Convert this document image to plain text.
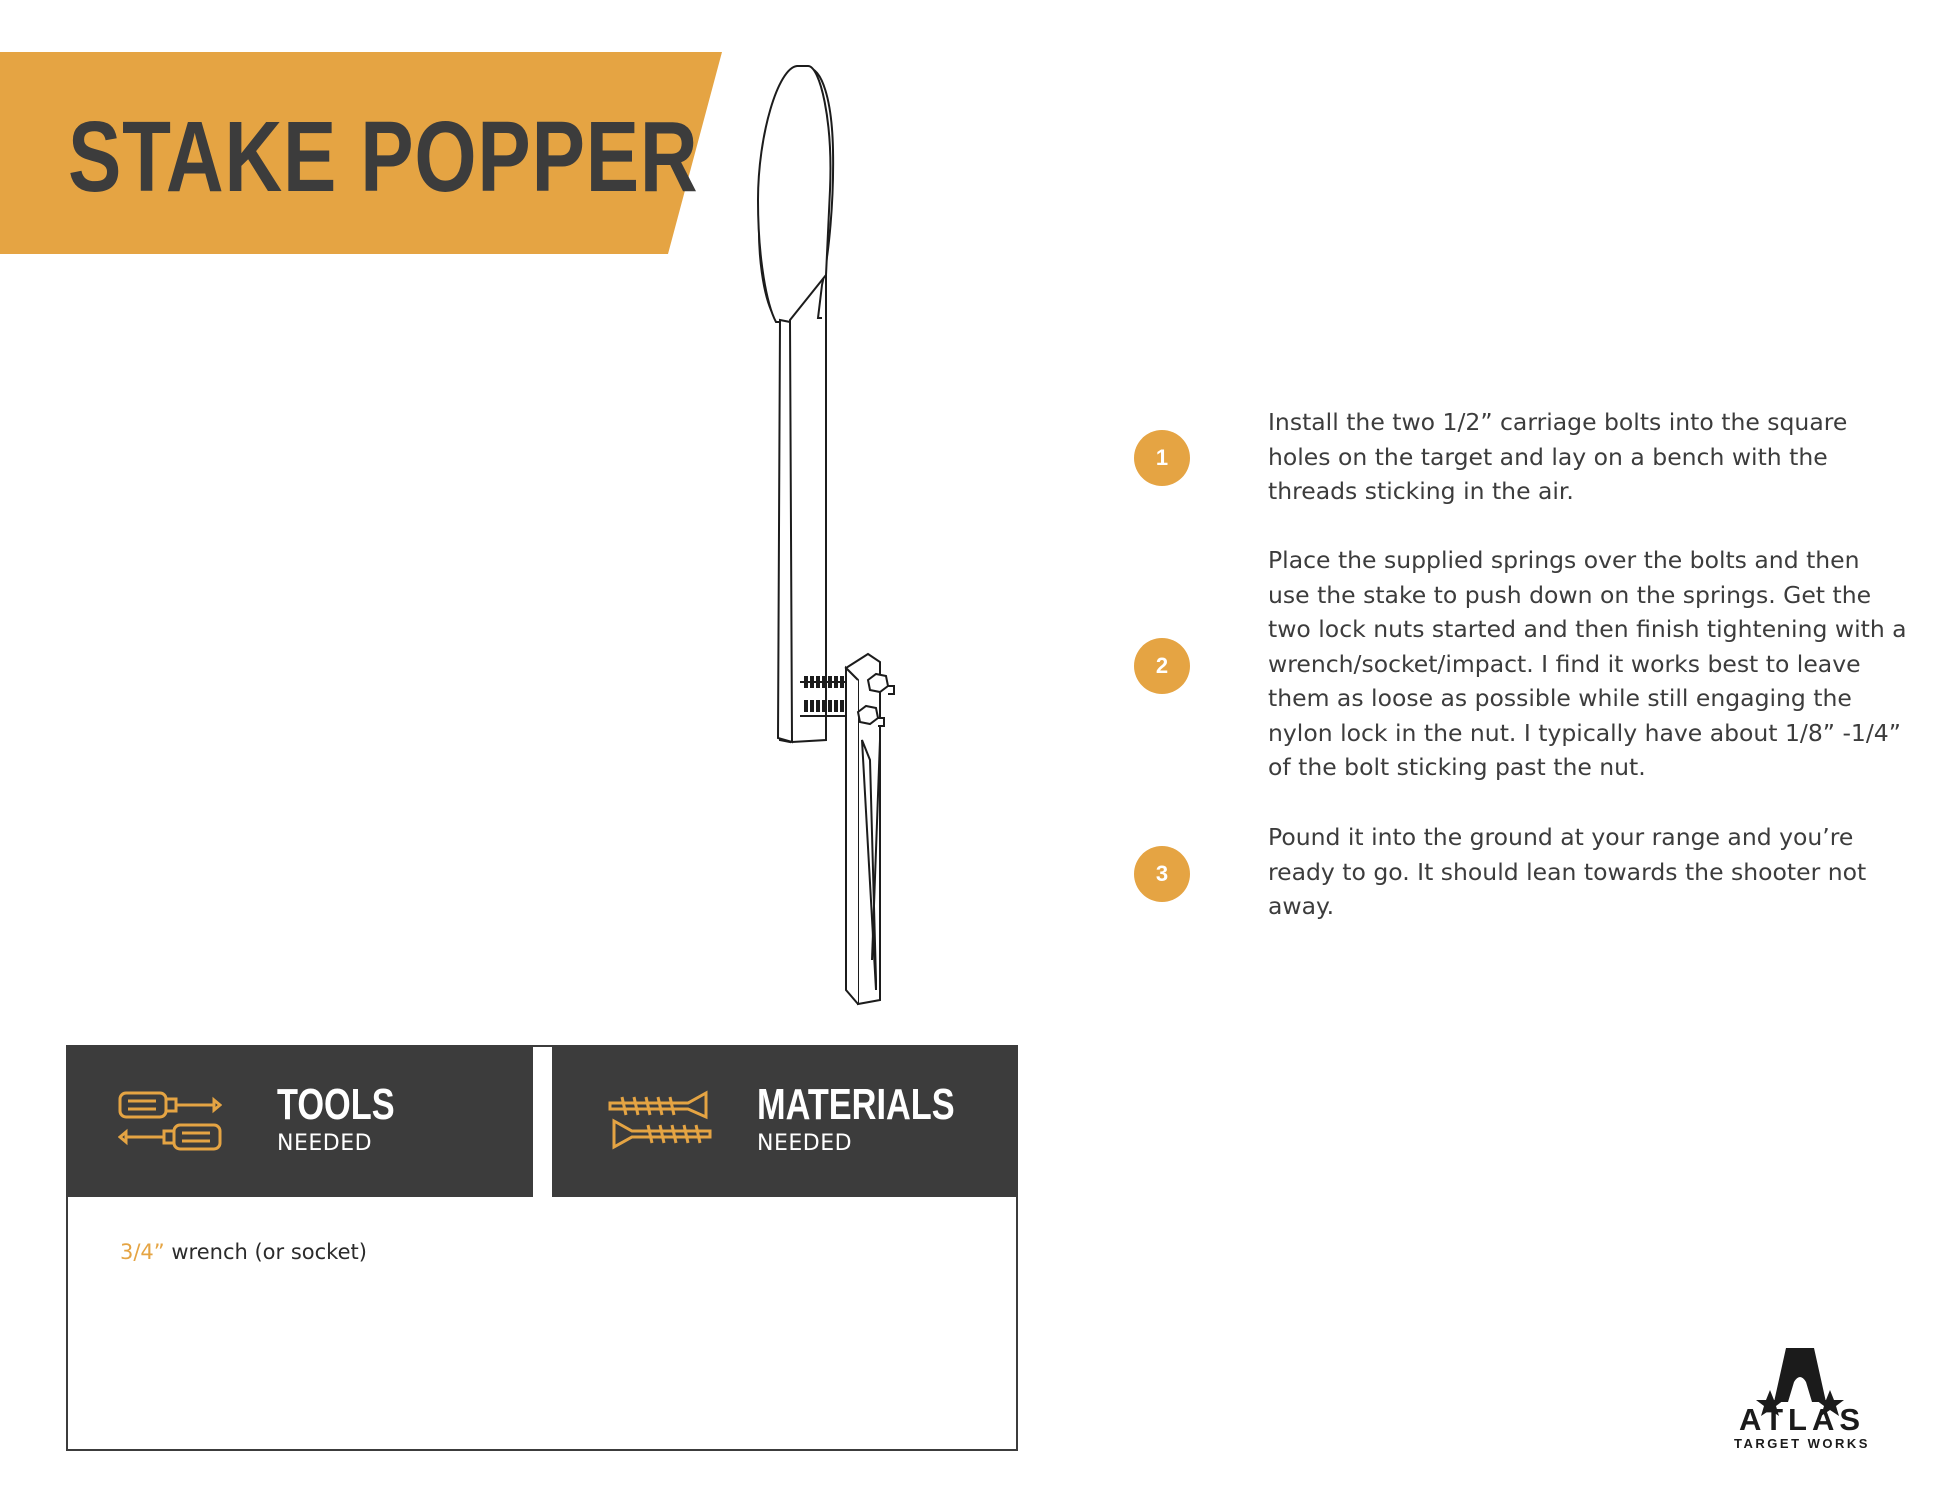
STAKE POPPER
1

Install the two 1/2” carriage bolts into the square holes on the target and lay on a bench with the threads sticking in the air.

2

Place the supplied springs over the bolts and then use the stake to push down on the springs. Get the two lock nuts started and then finish tightening with a wrench/socket/impact. I find it works best to leave them as loose as possible while still engaging the nylon lock in the nut. I typically have about 1/8” -1/4” of the bolt sticking past the nut.

3

Pound it into the ground at your range and you’re ready to go. It should lean towards the shooter not away.

TOOLS

NEEDED

MATERIALS

NEEDED

3/4” wrench (or socket)

ATLAS

TARGET WORKS
